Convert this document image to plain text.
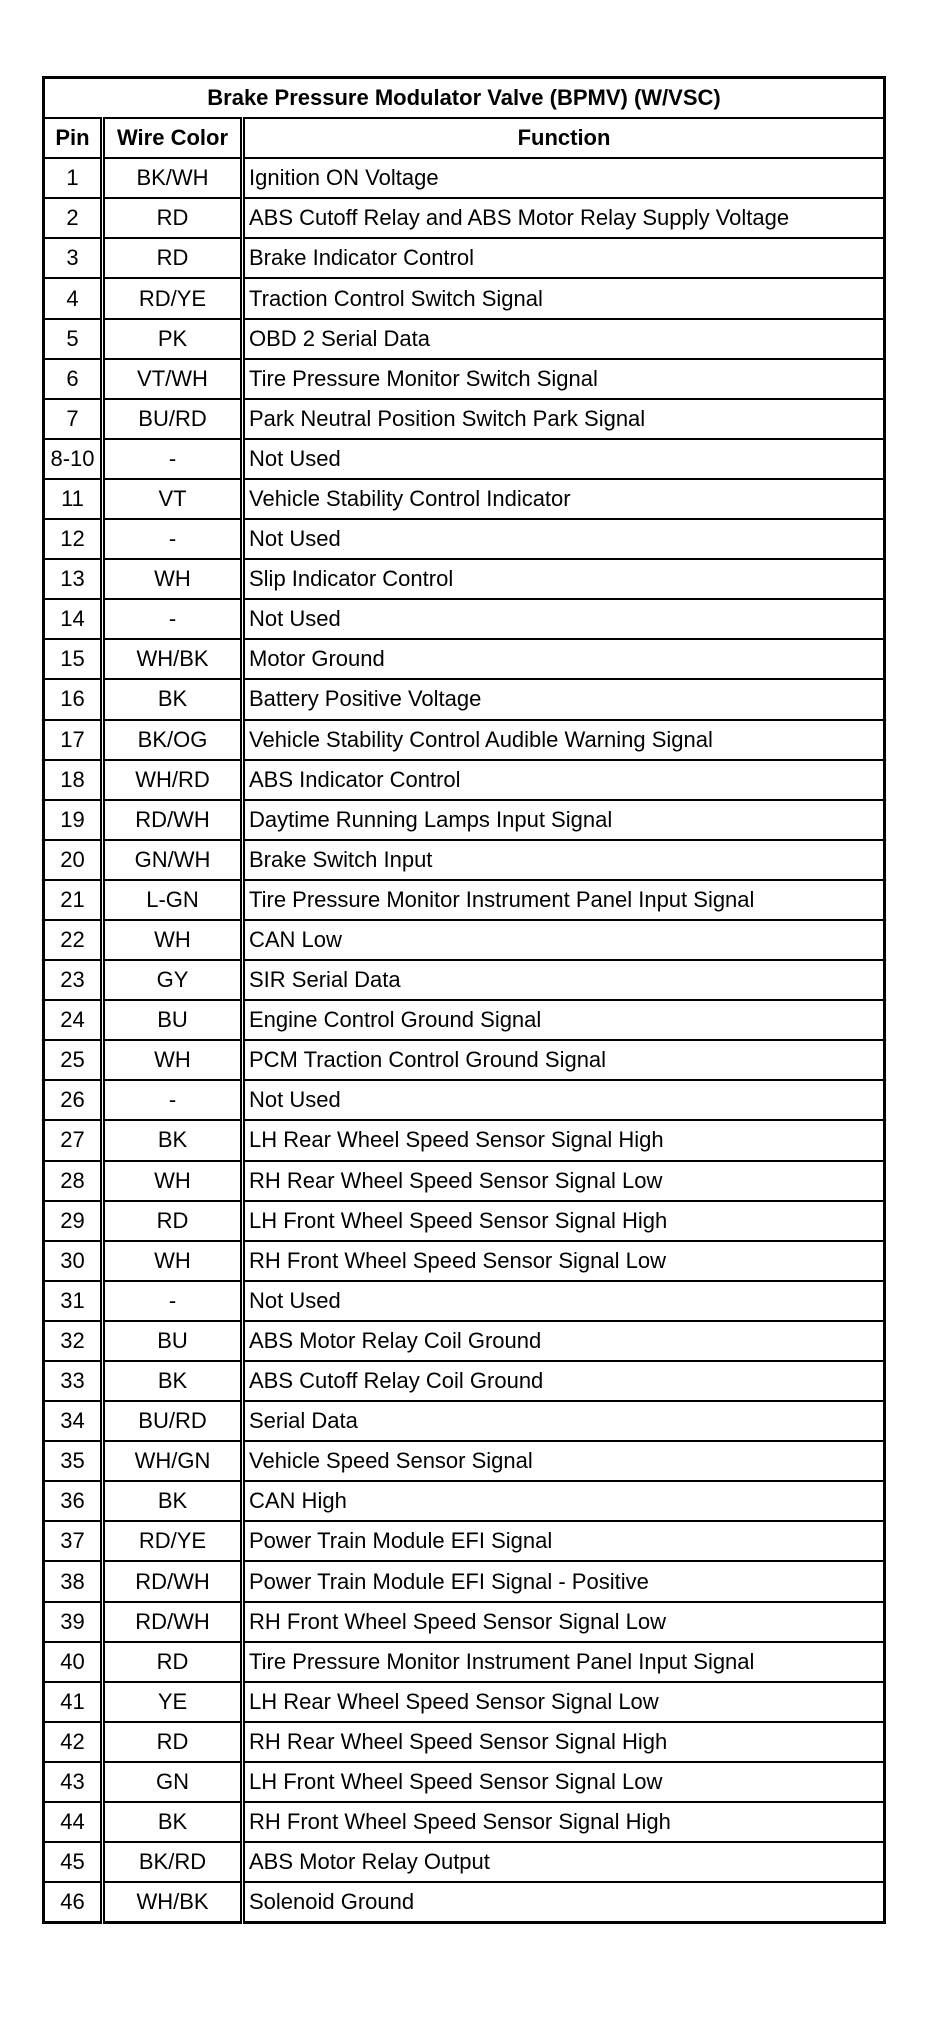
Brake Pressure Modulator Valve (BPMV) (W/VSC)		
Pin	Wire Color	Function
1	BK/WH	Ignition ON Voltage
2	RD	ABS Cutoff Relay and ABS Motor Relay Supply Voltage
3	RD	Brake Indicator Control
4	RD/YE	Traction Control Switch Signal
5	PK	OBD 2 Serial Data
6	VT/WH	Tire Pressure Monitor Switch Signal
7	BU/RD	Park Neutral Position Switch Park Signal
8-10	-	Not Used
11	VT	Vehicle Stability Control Indicator
12	-	Not Used
13	WH	Slip Indicator Control
14	-	Not Used
15	WH/BK	Motor Ground
16	BK	Battery Positive Voltage
17	BK/OG	Vehicle Stability Control Audible Warning Signal
18	WH/RD	ABS Indicator Control
19	RD/WH	Daytime Running Lamps Input Signal
20	GN/WH	Brake Switch Input
21	L-GN	Tire Pressure Monitor Instrument Panel Input Signal
22	WH	CAN Low
23	GY	SIR Serial Data
24	BU	Engine Control Ground Signal
25	WH	PCM Traction Control Ground Signal
26	-	Not Used
27	BK	LH Rear Wheel Speed Sensor Signal High
28	WH	RH Rear Wheel Speed Sensor Signal Low
29	RD	LH Front Wheel Speed Sensor Signal High
30	WH	RH Front Wheel Speed Sensor Signal Low
31	-	Not Used
32	BU	ABS Motor Relay Coil Ground
33	BK	ABS Cutoff Relay Coil Ground
34	BU/RD	Serial Data
35	WH/GN	Vehicle Speed Sensor Signal
36	BK	CAN High
37	RD/YE	Power Train Module EFI Signal
38	RD/WH	Power Train Module EFI Signal - Positive
39	RD/WH	RH Front Wheel Speed Sensor Signal Low
40	RD	Tire Pressure Monitor Instrument Panel Input Signal
41	YE	LH Rear Wheel Speed Sensor Signal Low
42	RD	RH Rear Wheel Speed Sensor Signal High
43	GN	LH Front Wheel Speed Sensor Signal Low
44	BK	RH Front Wheel Speed Sensor Signal High
45	BK/RD	ABS Motor Relay Output
46	WH/BK	Solenoid Ground
